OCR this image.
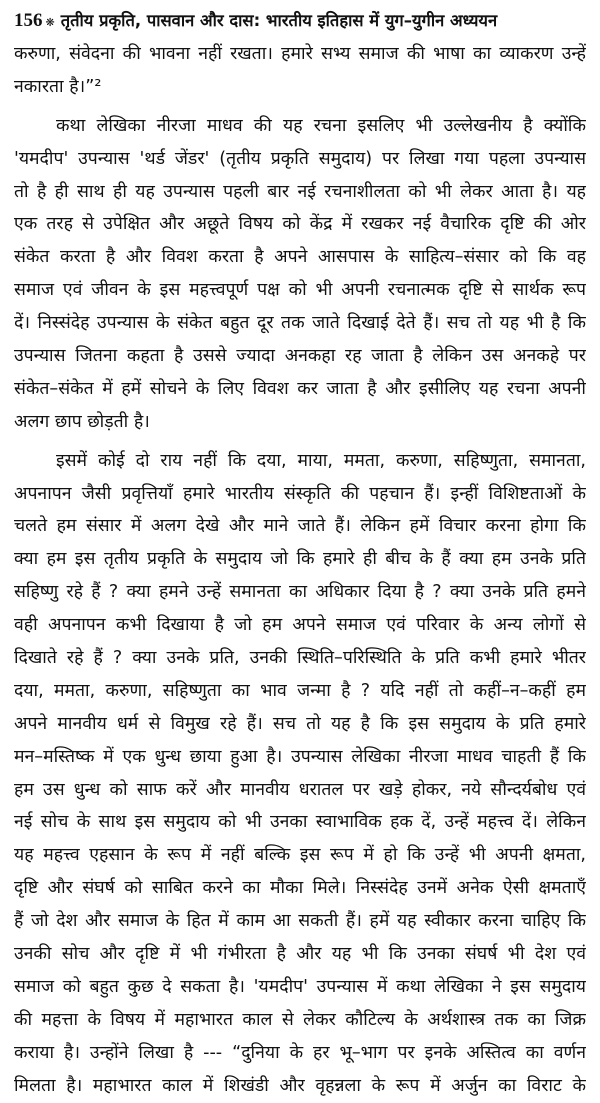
156 ❋ तृतीय प्रकृति, पासवान और दास: भारतीय इतिहास में युग–युगीन अध्ययन
करुणा, संवेदना की भावना नहीं रखता। हमारे सभ्य समाज की भाषा का व्याकरण उन्हें
नकारता है।”²
कथा लेखिका नीरजा माधव की यह रचना इसलिए भी उल्लेखनीय है क्योंकि
'यमदीप' उपन्यास 'थर्ड जेंडर' (तृतीय प्रकृति समुदाय) पर लिखा गया पहला उपन्यास
तो है ही साथ ही यह उपन्यास पहली बार नई रचनाशीलता को भी लेकर आता है। यह
एक तरह से उपेक्षित और अछूते विषय को केंद्र में रखकर नई वैचारिक दृष्टि की ओर
संकेत करता है और विवश करता है अपने आसपास के साहित्य–संसार को कि वह
समाज एवं जीवन के इस महत्त्वपूर्ण पक्ष को भी अपनी रचनात्मक दृष्टि से सार्थक रूप
दें। निस्संदेह उपन्यास के संकेत बहुत दूर तक जाते दिखाई देते हैं। सच तो यह भी है कि
उपन्यास जितना कहता है उससे ज्यादा अनकहा रह जाता है लेकिन उस अनकहे पर
संकेत–संकेत में हमें सोचने के लिए विवश कर जाता है और इसीलिए यह रचना अपनी
अलग छाप छोड़ती है।
इसमें कोई दो राय नहीं कि दया, माया, ममता, करुणा, सहिष्णुता, समानता,
अपनापन जैसी प्रवृत्तियाँ हमारे भारतीय संस्कृति की पहचान हैं। इन्हीं विशिष्टताओं के
चलते हम संसार में अलग देखे और माने जाते हैं। लेकिन हमें विचार करना होगा कि
क्या हम इस तृतीय प्रकृति के समुदाय जो कि हमारे ही बीच के हैं क्या हम उनके प्रति
सहिष्णु रहे हैं ? क्या हमने उन्हें समानता का अधिकार दिया है ? क्या उनके प्रति हमने
वही अपनापन कभी दिखाया है जो हम अपने समाज एवं परिवार के अन्य लोगों से
दिखाते रहे हैं ? क्या उनके प्रति, उनकी स्थिति–परिस्थिति के प्रति कभी हमारे भीतर
दया, ममता, करुणा, सहिष्णुता का भाव जन्मा है ? यदि नहीं तो कहीं–न–कहीं हम
अपने मानवीय धर्म से विमुख रहे हैं। सच तो यह है कि इस समुदाय के प्रति हमारे
मन–मस्तिष्क में एक धुन्ध छाया हुआ है। उपन्यास लेखिका नीरजा माधव चाहती हैं कि
हम उस धुन्ध को साफ करें और मानवीय धरातल पर खड़े होकर, नये सौन्दर्यबोध एवं
नई सोच के साथ इस समुदाय को भी उनका स्वाभाविक हक दें, उन्हें महत्त्व दें। लेकिन
यह महत्त्व एहसान के रूप में नहीं बल्कि इस रूप में हो कि उन्हें भी अपनी क्षमता,
दृष्टि और संघर्ष को साबित करने का मौका मिले। निस्संदेह उनमें अनेक ऐसी क्षमताएँ
हैं जो देश और समाज के हित में काम आ सकती हैं। हमें यह स्वीकार करना चाहिए कि
उनकी सोच और दृष्टि में भी गंभीरता है और यह भी कि उनका संघर्ष भी देश एवं
समाज को बहुत कुछ दे सकता है। 'यमदीप' उपन्यास में कथा लेखिका ने इस समुदाय
की महत्ता के विषय में महाभारत काल से लेकर कौटिल्य के अर्थशास्त्र तक का जिक्र
कराया है। उन्होंने लिखा है --- “दुनिया के हर भू–भाग पर इनके अस्तित्व का वर्णन
मिलता है। महाभारत काल में शिखंडी और वृहन्नला के रूप में अर्जुन का विराट के
